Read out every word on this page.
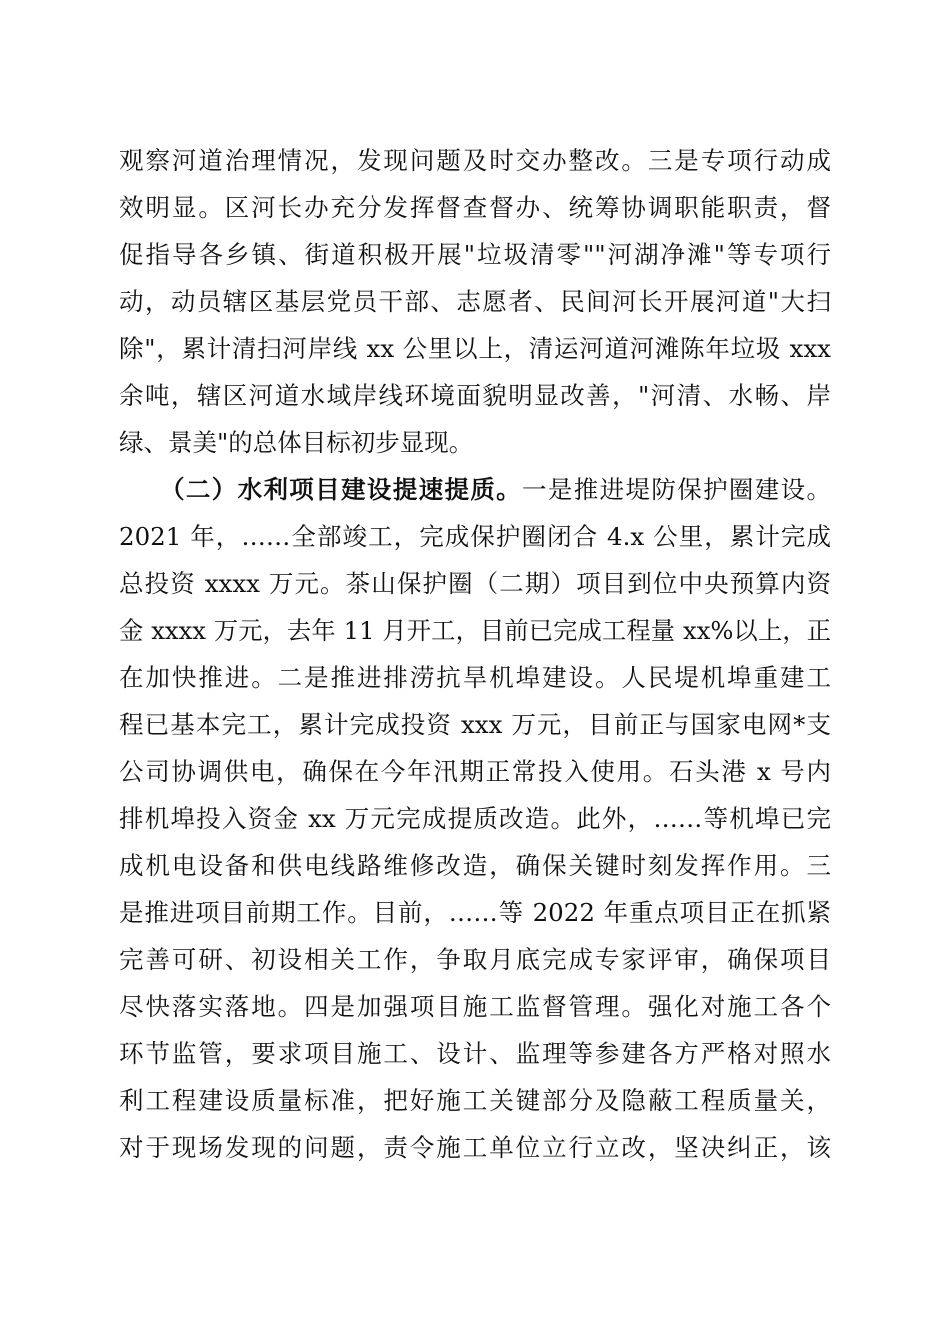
观察河道治理情况，发现问题及时交办整改。三是专项行动成
效明显。区河长办充分发挥督查督办、统筹协调职能职责，督
促指导各乡镇、街道积极开展"垃圾清零""河湖净滩"等专项行
动，动员辖区基层党员干部、志愿者、民间河长开展河道"大扫
除"，累计清扫河岸线 xx 公里以上，清运河道河滩陈年垃圾 xxx
余吨，辖区河道水域岸线环境面貌明显改善，"河清、水畅、岸
绿、景美"的总体目标初步显现。
（二）水利项目建设提速提质。一是推进堤防保护圈建设。
2021 年，……全部竣工，完成保护圈闭合 4.x 公里，累计完成
总投资 xxxx 万元。茶山保护圈（二期）项目到位中央预算内资
金 xxxx 万元，去年 11 月开工，目前已完成工程量 xx%以上，正
在加快推进。二是推进排涝抗旱机埠建设。人民堤机埠重建工
程已基本完工，累计完成投资 xxx 万元，目前正与国家电网*支
公司协调供电，确保在今年汛期正常投入使用。石头港 x 号内
排机埠投入资金 xx 万元完成提质改造。此外，……等机埠已完
成机电设备和供电线路维修改造，确保关键时刻发挥作用。三
是推进项目前期工作。目前，……等 2022 年重点项目正在抓紧
完善可研、初设相关工作，争取月底完成专家评审，确保项目
尽快落实落地。四是加强项目施工监督管理。强化对施工各个
环节监管，要求项目施工、设计、监理等参建各方严格对照水
利工程建设质量标准，把好施工关键部分及隐蔽工程质量关，
对于现场发现的问题，责令施工单位立行立改，坚决纠正，该
